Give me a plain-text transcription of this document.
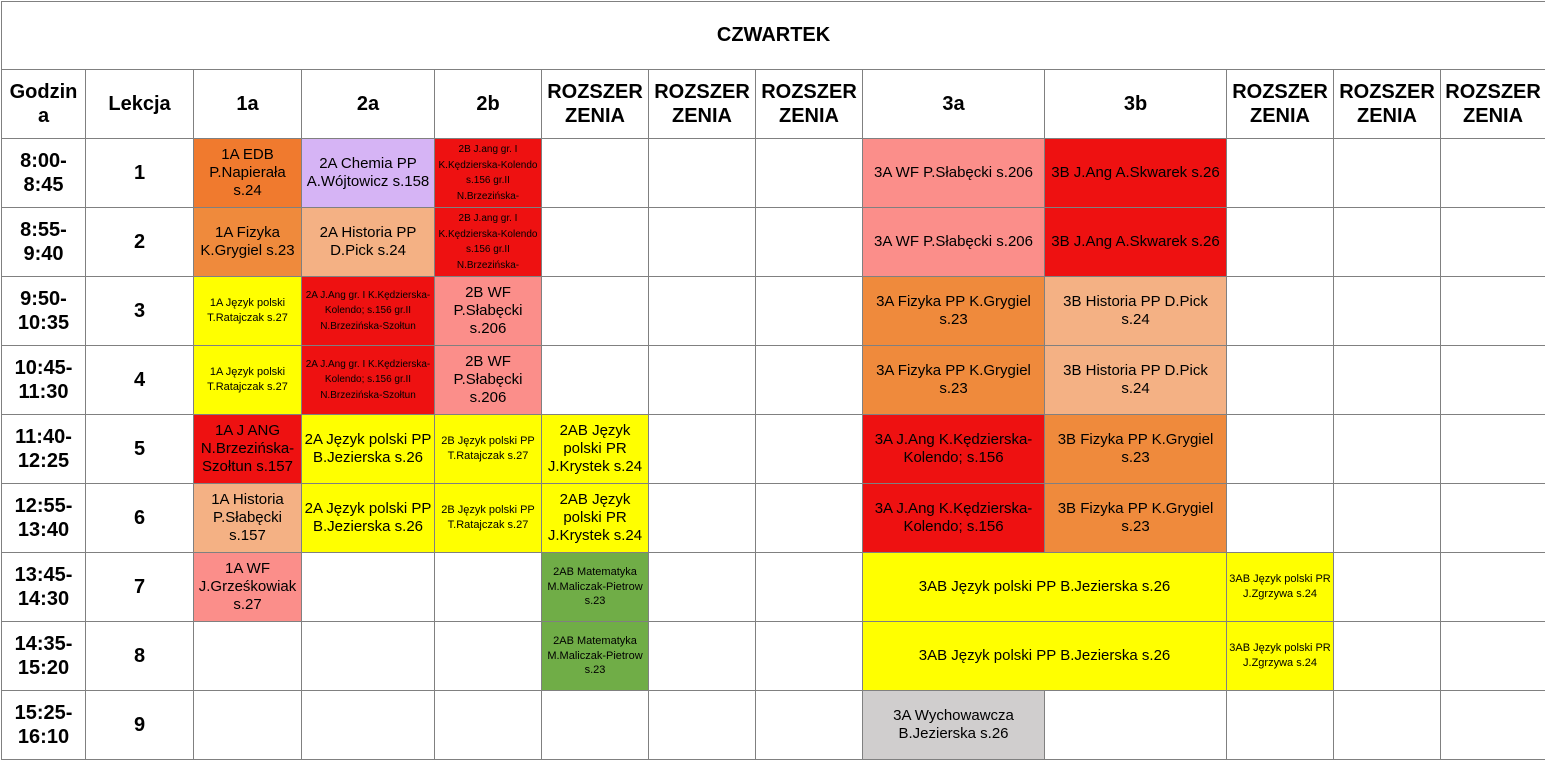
CZWARTEK												
Godzin a	Lekcja	1a	2a	2b	ROZSZER ZENIA	ROZSZER ZENIA	ROZSZER ZENIA	3a	3b	ROZSZER ZENIA	ROZSZER ZENIA	ROZSZER ZENIA
8:00- 8:45	1	1A EDB P.Napierała s.24	2A Chemia PP A.Wójtowicz s.158	2B J.ang gr. I K.Kędzierska-Kolendo s.156 gr.II N.Brzezińska-				3A WF P.Słabęcki s.206	3B J.Ang A.Skwarek s.26			
8:55- 9:40	2	1A Fizyka K.Grygiel s.23	2A Historia PP D.Pick s.24	2B J.ang gr. I K.Kędzierska-Kolendo s.156 gr.II N.Brzezińska-				3A WF P.Słabęcki s.206	3B J.Ang A.Skwarek s.26			
9:50- 10:35	3	1A Język polski T.Ratajczak s.27	2A J.Ang gr. I K.Kędzierska-Kolendo; s.156 gr.II N.Brzezińska-Szołtun	2B WF P.Słabęcki s.206				3A Fizyka PP K.Grygiel s.23	3B Historia PP D.Pick s.24			
10:45- 11:30	4	1A Język polski T.Ratajczak s.27	2A J.Ang gr. I K.Kędzierska-Kolendo; s.156 gr.II N.Brzezińska-Szołtun	2B WF P.Słabęcki s.206				3A Fizyka PP K.Grygiel s.23	3B Historia PP D.Pick s.24			
11:40- 12:25	5	1A J ANG N.Brzezińska-Szołtun s.157	2A Język polski PP B.Jezierska s.26	2B Język polski PP T.Ratajczak s.27	2AB Język polski PR J.Krystek s.24			3A J.Ang K.Kędzierska-Kolendo; s.156	3B Fizyka PP K.Grygiel s.23			
12:55- 13:40	6	1A Historia P.Słabęcki s.157	2A Język polski PP B.Jezierska s.26	2B Język polski PP T.Ratajczak s.27	2AB Język polski PR J.Krystek s.24			3A J.Ang K.Kędzierska-Kolendo; s.156	3B Fizyka PP K.Grygiel s.23			
13:45- 14:30	7	1A WF J.Grześkowiak s.27			2AB Matematyka M.Maliczak-Pietrow s.23			3AB Język polski PP B.Jezierska s.26		3AB Język polski PR J.Zgrzywa s.24		
14:35- 15:20	8				2AB Matematyka M.Maliczak-Pietrow s.23			3AB Język polski PP B.Jezierska s.26		3AB Język polski PR J.Zgrzywa s.24		
15:25- 16:10	9							3A Wychowawcza B.Jezierska s.26				
